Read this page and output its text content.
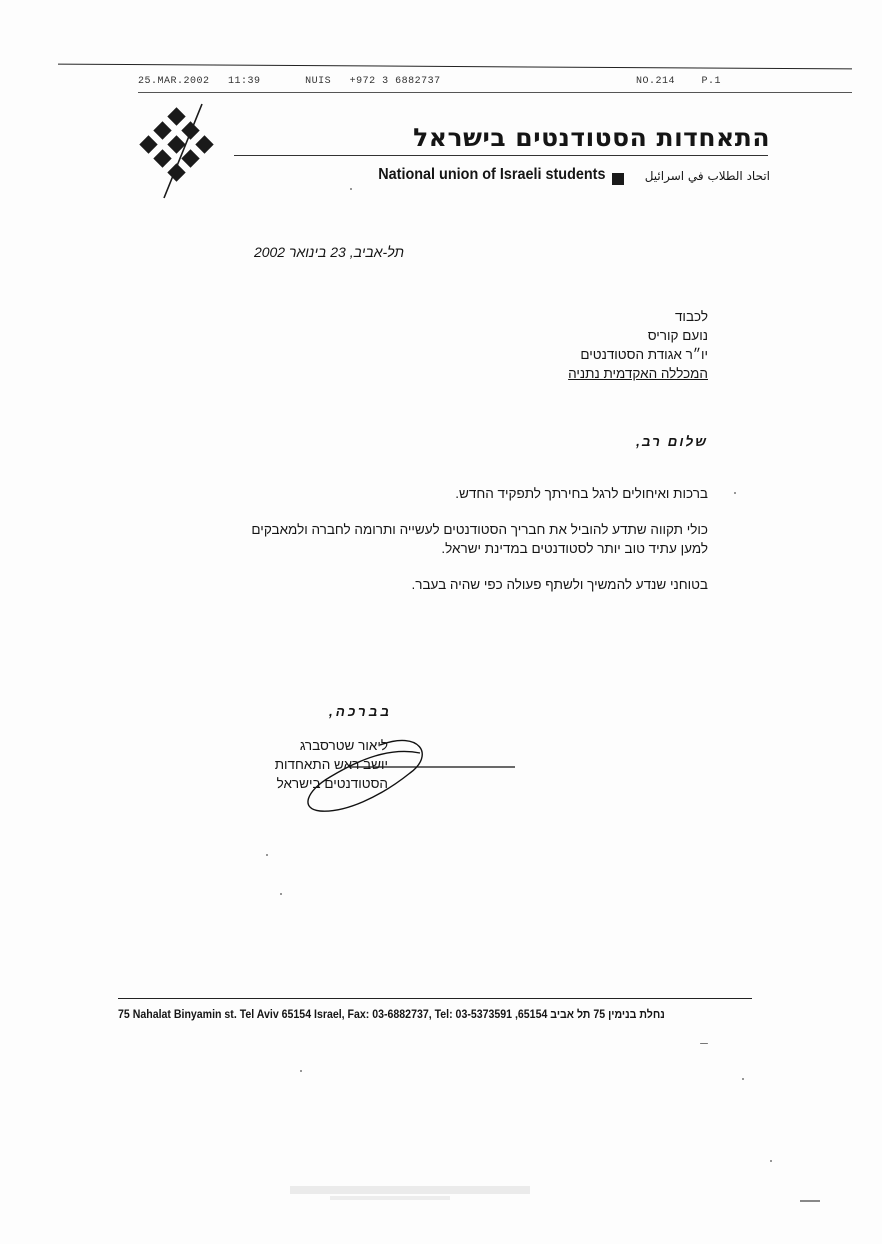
25.MAR.2002 11:39	NUIS +972 3 6882737	NO.214	P.1
התאחדות הסטודנטים בישראל
National union of Israeli students	اتحاد الطلاب في اسرائيل
תל-אביב, 23 בינואר 2002
לכבוד
נועם קוריס
יו״ר אגודת הסטודנטים
המכללה האקדמית נתניה
שלום רב,
ברכות ואיחולים לרגל בחירתך לתפקיד החדש.
כולי תקווה שתדע להוביל את חבריך הסטודנטים לעשייה ותרומה לחברה ולמאבקים למען עתיד טוב יותר לסטודנטים במדינת ישראל.
בטוחני שנדע להמשיך ולשתף פעולה כפי שהיה בעבר.
בברכה,
ליאור שטרסברג
יושב ראש התאחדות
הסטודנטים בישראל
75 Nahalat Binyamin st. Tel Aviv 65154 Israel, Fax: 03-6882737, Tel: 03-5373591 ,65154 נחלת בנימין 75 תל אביב
